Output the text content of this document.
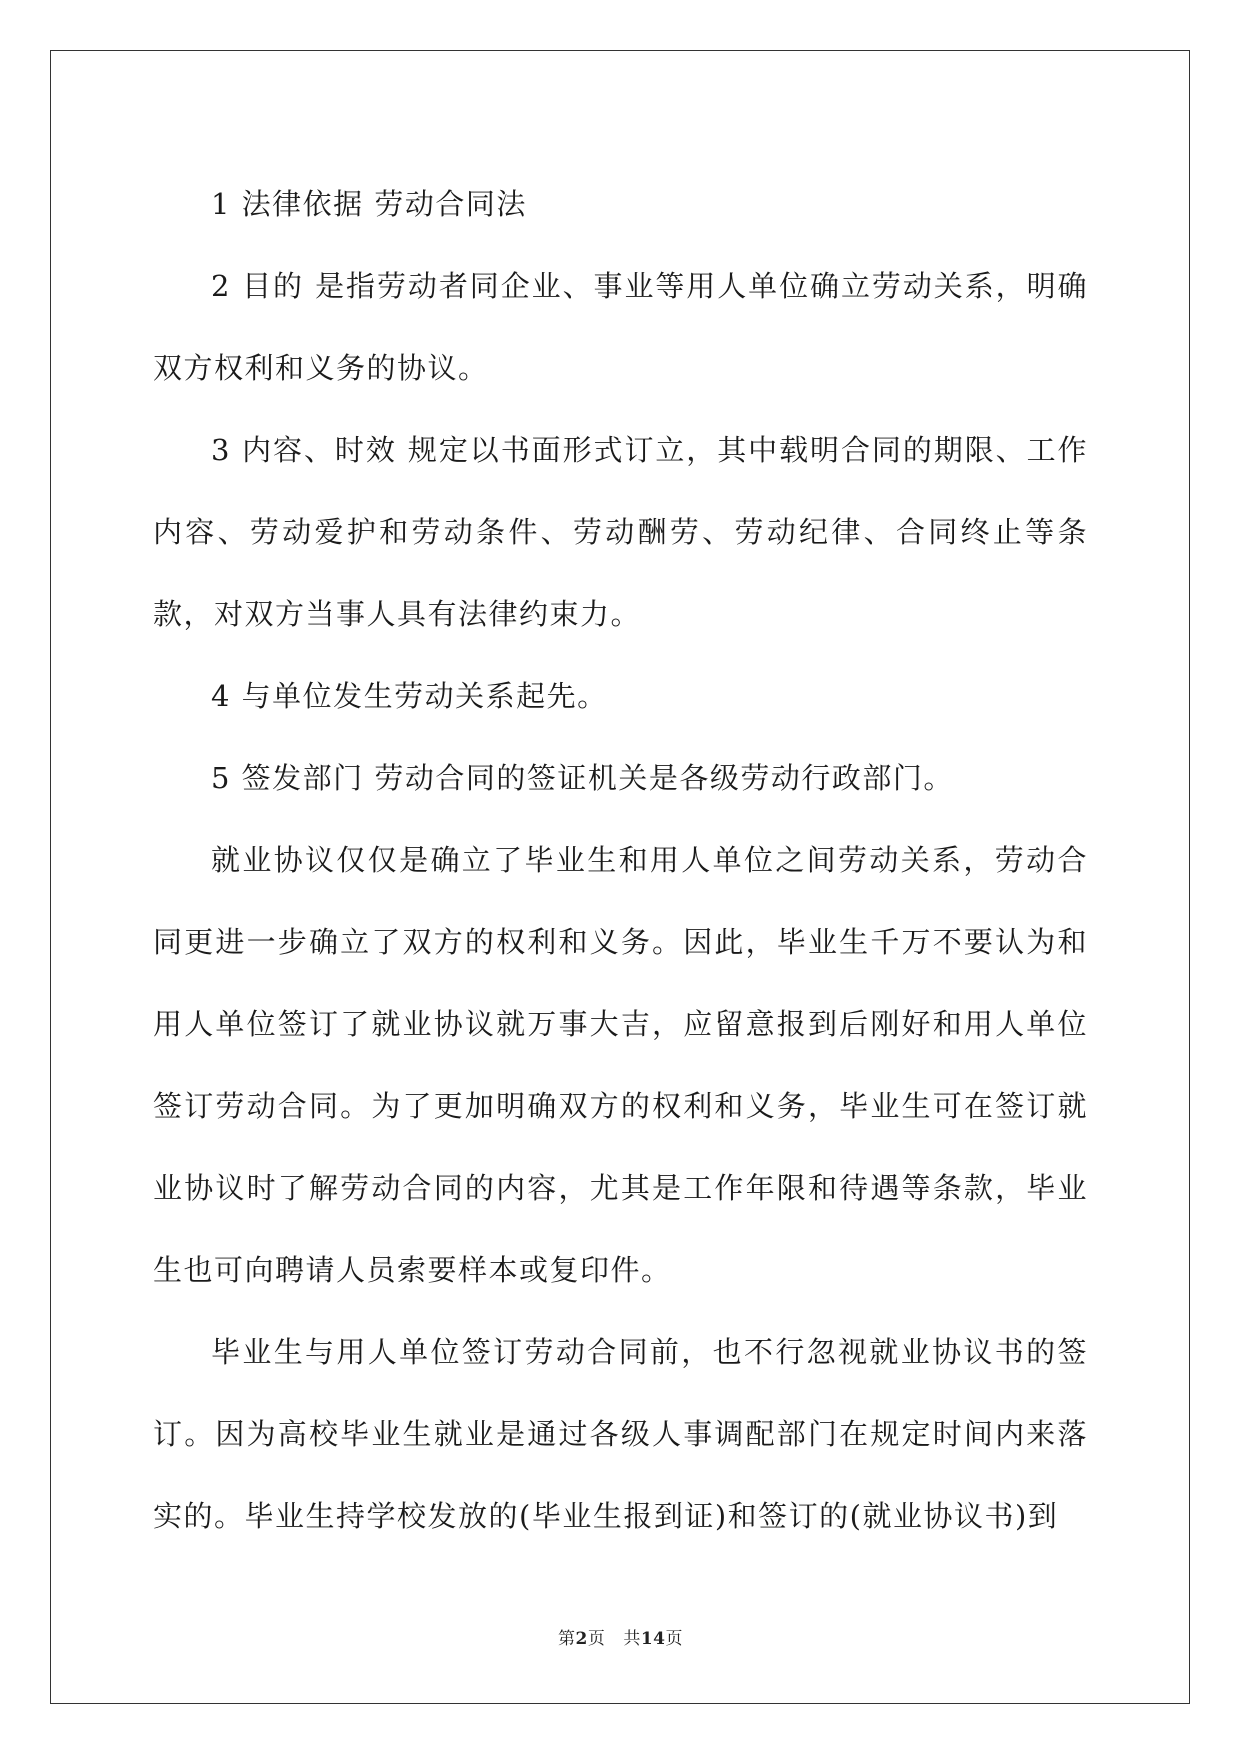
1 法律依据 劳动合同法

2 目的 是指劳动者同企业、事业等用人单位确立劳动关系，明确双方权利和义务的协议。

3 内容、时效 规定以书面形式订立，其中载明合同的期限、工作内容、劳动爱护和劳动条件、劳动酬劳、劳动纪律、合同终止等条款，对双方当事人具有法律约束力。

4 与单位发生劳动关系起先。

5 签发部门 劳动合同的签证机关是各级劳动行政部门。

就业协议仅仅是确立了毕业生和用人单位之间劳动关系，劳动合同更进一步确立了双方的权利和义务。因此，毕业生千万不要认为和用人单位签订了就业协议就万事大吉，应留意报到后刚好和用人单位签订劳动合同。为了更加明确双方的权利和义务，毕业生可在签订就业协议时了解劳动合同的内容，尤其是工作年限和待遇等条款，毕业生也可向聘请人员索要样本或复印件。

毕业生与用人单位签订劳动合同前，也不行忽视就业协议书的签订。因为高校毕业生就业是通过各级人事调配部门在规定时间内来落实的。毕业生持学校发放的(毕业生报到证)和签订的(就业协议书)到

第2页 共14页
